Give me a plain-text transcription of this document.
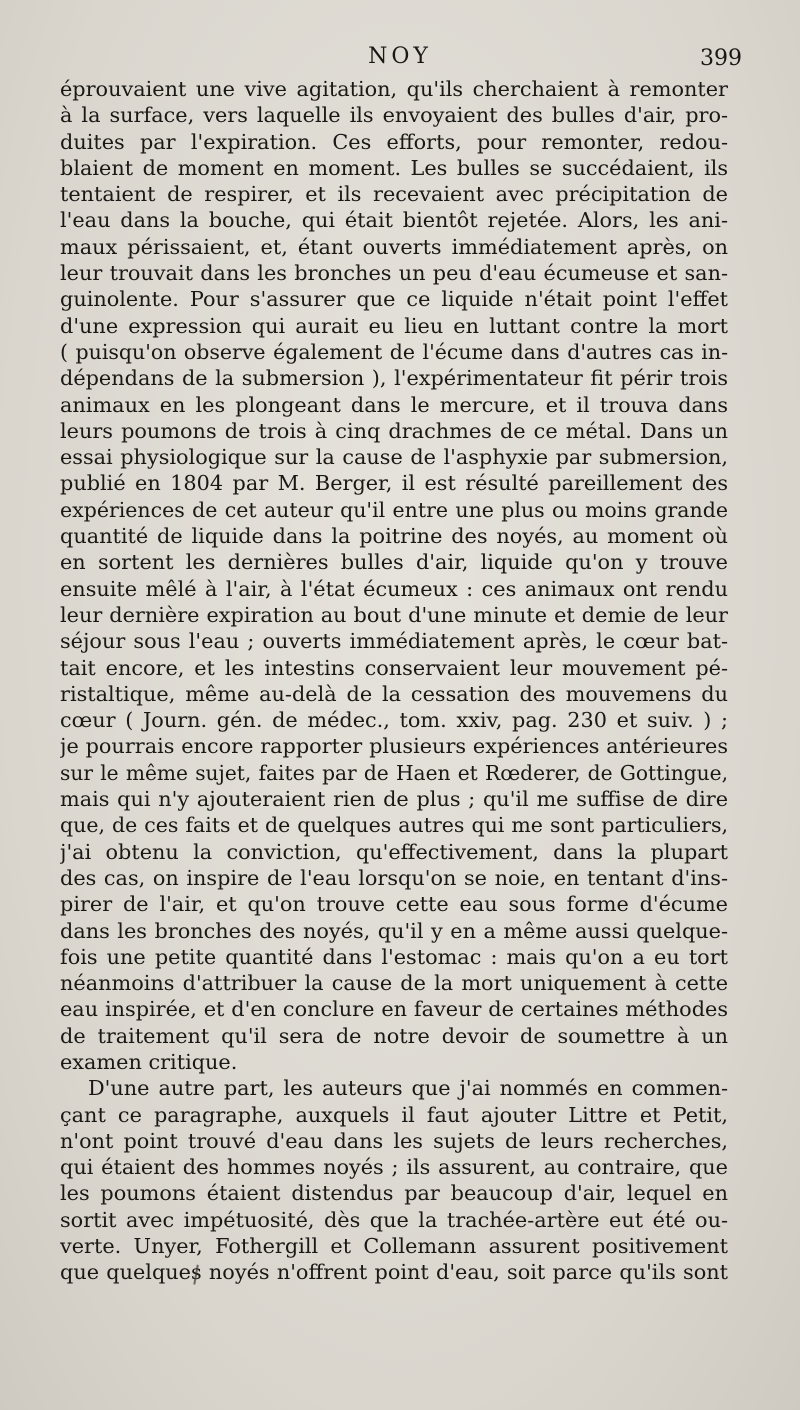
NOY	399
éprouvaient une vive agitation, qu'ils cherchaient à remonter
à la surface, vers laquelle ils envoyaient des bulles d'air, pro-
duites par l'expiration. Ces efforts, pour remonter, redou-
blaient de moment en moment. Les bulles se succédaient, ils
tentaient de respirer, et ils recevaient avec précipitation de
l'eau dans la bouche, qui était bientôt rejetée. Alors, les ani-
maux périssaient, et, étant ouverts immédiatement après, on
leur trouvait dans les bronches un peu d'eau écumeuse et san-
guinolente. Pour s'assurer que ce liquide n'était point l'effet
d'une expression qui aurait eu lieu en luttant contre la mort
( puisqu'on observe également de l'écume dans d'autres cas in-
dépendans de la submersion ), l'expérimentateur fit périr trois
animaux en les plongeant dans le mercure, et il trouva dans
leurs poumons de trois à cinq drachmes de ce métal. Dans un
essai physiologique sur la cause de l'asphyxie par submersion,
publié en 1804 par M. Berger, il est résulté pareillement des
expériences de cet auteur qu'il entre une plus ou moins grande
quantité de liquide dans la poitrine des noyés, au moment où
en sortent les dernières bulles d'air, liquide qu'on y trouve
ensuite mêlé à l'air, à l'état écumeux : ces animaux ont rendu
leur dernière expiration au bout d'une minute et demie de leur
séjour sous l'eau ; ouverts immédiatement après, le cœur bat-
tait encore, et les intestins conservaient leur mouvement pé-
ristaltique, même au-delà de la cessation des mouvemens du
cœur ( Journ. gén. de médec., tom. xxiv, pag. 230 et suiv. ) ;
je pourrais encore rapporter plusieurs expériences antérieures
sur le même sujet, faites par de Haen et Rœderer, de Gottingue,
mais qui n'y ajouteraient rien de plus ; qu'il me suffise de dire
que, de ces faits et de quelques autres qui me sont particuliers,
j'ai obtenu la conviction, qu'effectivement, dans la plupart
des cas, on inspire de l'eau lorsqu'on se noie, en tentant d'ins-
pirer de l'air, et qu'on trouve cette eau sous forme d'écume
dans les bronches des noyés, qu'il y en a même aussi quelque-
fois une petite quantité dans l'estomac : mais qu'on a eu tort
néanmoins d'attribuer la cause de la mort uniquement à cette
eau inspirée, et d'en conclure en faveur de certaines méthodes
de traitement qu'il sera de notre devoir de soumettre à un
examen critique.
D'une autre part, les auteurs que j'ai nommés en commen-
çant ce paragraphe, auxquels il faut ajouter Littre et Petit,
n'ont point trouvé d'eau dans les sujets de leurs recherches,
qui étaient des hommes noyés ; ils assurent, au contraire, que
les poumons étaient distendus par beaucoup d'air, lequel en
sortit avec impétuosité, dès que la trachée-artère eut été ou-
verte. Unyer, Fothergill et Collemann assurent positivement
que quelques noyés n'offrent point d'eau, soit parce qu'ils sont
